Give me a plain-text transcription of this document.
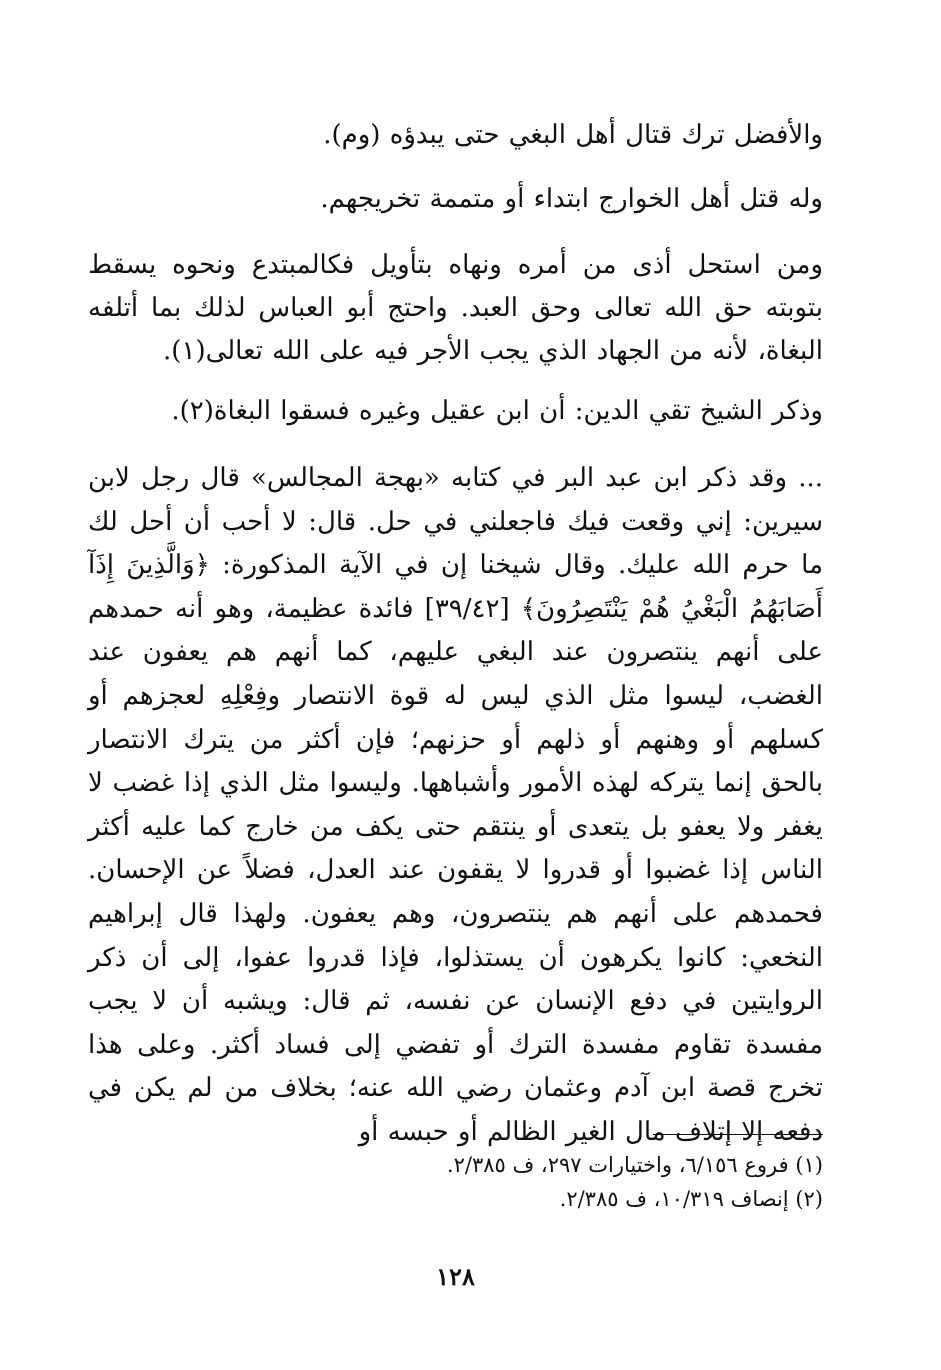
والأفضل ترك قتال أهل البغي حتى يبدؤه (وم).

وله قتل أهل الخوارج ابتداء أو متممة تخريجهم.

ومن استحل أذى من أمره ونهاه بتأويل فكالمبتدع ونحوه يسقط بتوبته حق الله تعالى وحق العبد. واحتج أبو العباس لذلك بما أتلفه البغاة، لأنه من الجهاد الذي يجب الأجر فيه على الله تعالى(١).

وذكر الشيخ تقي الدين: أن ابن عقيل وغيره فسقوا البغاة(٢).

... وقد ذكر ابن عبد البر في كتابه «بهجة المجالس» قال رجل لابن سيرين: إني وقعت فيك فاجعلني في حل. قال: لا أحب أن أحل لك ما حرم الله عليك. وقال شيخنا إن في الآية المذكورة: ﴿وَالَّذِينَ إِذَآ أَصَابَهُمُ الْبَغْيُ هُمْ يَنْتَصِرُونَ﴾ [٣٩/٤٢] فائدة عظيمة، وهو أنه حمدهم على أنهم ينتصرون عند البغي عليهم، كما أنهم هم يعفون عند الغضب، ليسوا مثل الذي ليس له قوة الانتصار وفِعْلِهِ لعجزهم أو كسلهم أو وهنهم أو ذلهم أو حزنهم؛ فإن أكثر من يترك الانتصار بالحق إنما يتركه لهذه الأمور وأشباهها. وليسوا مثل الذي إذا غضب لا يغفر ولا يعفو بل يتعدى أو ينتقم حتى يكف من خارج كما عليه أكثر الناس إذا غضبوا أو قدروا لا يقفون عند العدل، فضلاً عن الإحسان. فحمدهم على أنهم هم ينتصرون، وهم يعفون. ولهذا قال إبراهيم النخعي: كانوا يكرهون أن يستذلوا، فإذا قدروا عفوا، إلى أن ذكر الروايتين في دفع الإنسان عن نفسه، ثم قال: ويشبه أن لا يجب مفسدة تقاوم مفسدة الترك أو تفضي إلى فساد أكثر. وعلى هذا تخرج قصة ابن آدم وعثمان رضي الله عنه؛ بخلاف من لم يكن في دفعه إلا إتلاف مال الغير الظالم أو حبسه أو

(١) فروع ٦/١٥٦، واختيارات ٢٩٧، ف ٢/٣٨٥.

(٢) إنصاف ١٠/٣١٩، ف ٢/٣٨٥.

١٢٨
